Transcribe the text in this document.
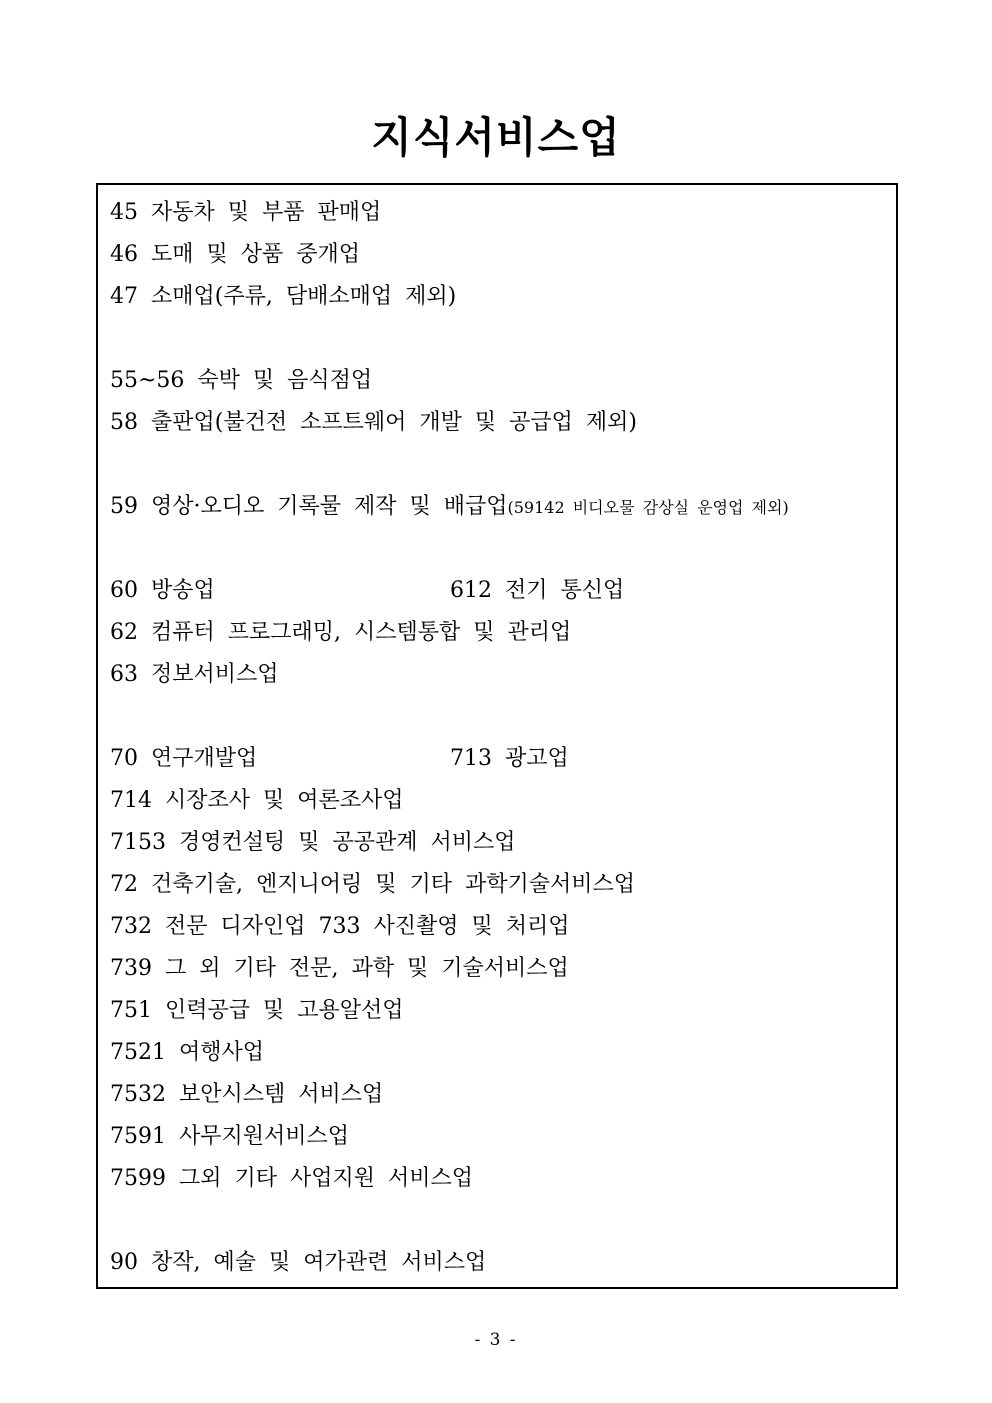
지식서비스업
45 자동차 및 부품 판매업
46 도매 및 상품 중개업
47 소매업(주류, 담배소매업 제외)
55~56 숙박 및 음식점업
58 출판업(불건전 소프트웨어 개발 및 공급업 제외)
59 영상·오디오 기록물 제작 및 배급업(59142 비디오물 감상실 운영업 제외)
60 방송업	612 전기 통신업
62 컴퓨터 프로그래밍, 시스템통합 및 관리업
63 정보서비스업
70 연구개발업	713 광고업
714 시장조사 및 여론조사업
7153 경영컨설팅 및 공공관계 서비스업
72 건축기술, 엔지니어링 및 기타 과학기술서비스업
732 전문 디자인업 733 사진촬영 및 처리업
739 그 외 기타 전문, 과학 및 기술서비스업
751 인력공급 및 고용알선업
7521 여행사업
7532 보안시스템 서비스업
7591 사무지원서비스업
7599 그외 기타 사업지원 서비스업
90 창작, 예술 및 여가관련 서비스업
- 3 -
